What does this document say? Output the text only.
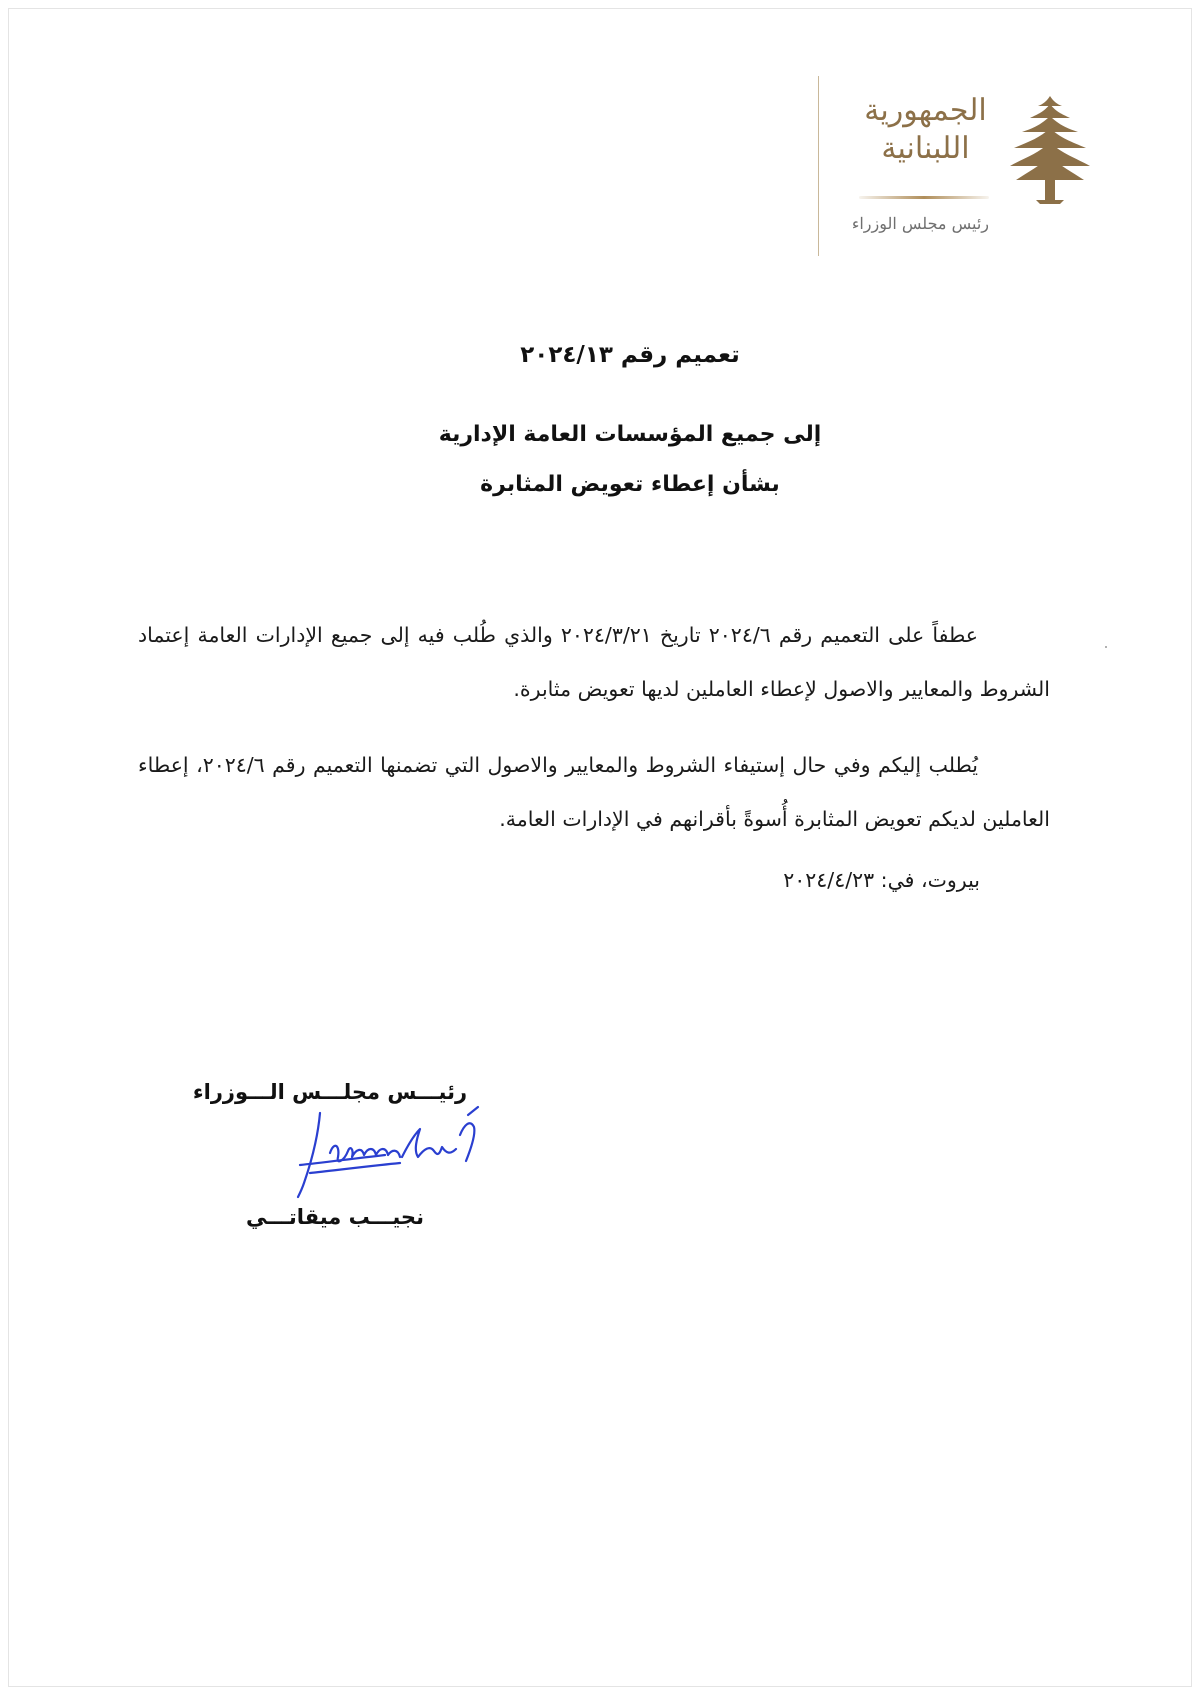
الجمهورية
اللبنانية
رئيس مجلس الوزراء
تعميم رقم ٢٠٢٤/١٣
إلى جميع المؤسسات العامة الإدارية
بشأن إعطاء تعويض المثابرة
عطفاً على التعميم رقم ٢٠٢٤/٦ تاريخ ٢٠٢٤/٣/٢١ والذي طُلب فيه إلى جميع الإدارات العامة إعتماد الشروط والمعايير والاصول لإعطاء العاملين لديها تعويض مثابرة.
يُطلب إليكم وفي حال إستيفاء الشروط والمعايير والاصول التي تضمنها التعميم رقم ٢٠٢٤/٦، إعطاء العاملين لديكم تعويض المثابرة أُسوةً بأقرانهم في الإدارات العامة.
بيروت، في: ٢٠٢٤/٤/٢٣
رئيـــس مجلـــس الـــوزراء
نجيـــب ميقاتـــي
